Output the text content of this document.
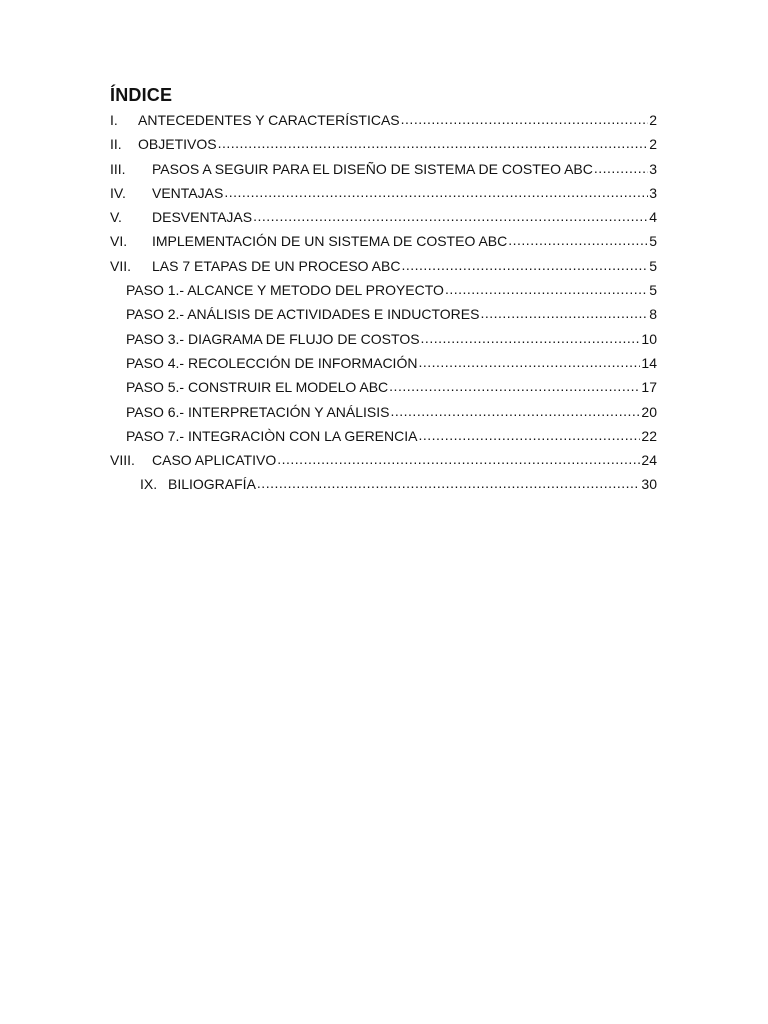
ÍNDICE
I.	ANTECEDENTES Y CARACTERÍSTICAS .....	2
II.	OBJETIVOS .....	2
III.	PASOS A SEGUIR PARA EL DISEÑO DE SISTEMA DE COSTEO ABC .....	3
IV.	VENTAJAS .....	3
V.	DESVENTAJAS .....	4
VI.	IMPLEMENTACIÓN DE UN SISTEMA DE COSTEO ABC .....	5
VII.	LAS 7 ETAPAS DE UN PROCESO ABC .....	5
PASO 1.- ALCANCE Y METODO DEL PROYECTO .....	5
PASO 2.- ANÁLISIS DE ACTIVIDADES E INDUCTORES .....	8
PASO 3.- DIAGRAMA DE FLUJO DE COSTOS .....	10
PASO 4.- RECOLECCIÓN DE INFORMACIÓN .....	14
PASO 5.- CONSTRUIR EL MODELO ABC .....	17
PASO 6.- INTERPRETACIÓN Y ANÁLISIS .....	20
PASO 7.- INTEGRACIÒN CON LA GERENCIA .....	22
VIII.	CASO APLICATIVO .....	24
IX. BILIOGRAFÍA .....	30
